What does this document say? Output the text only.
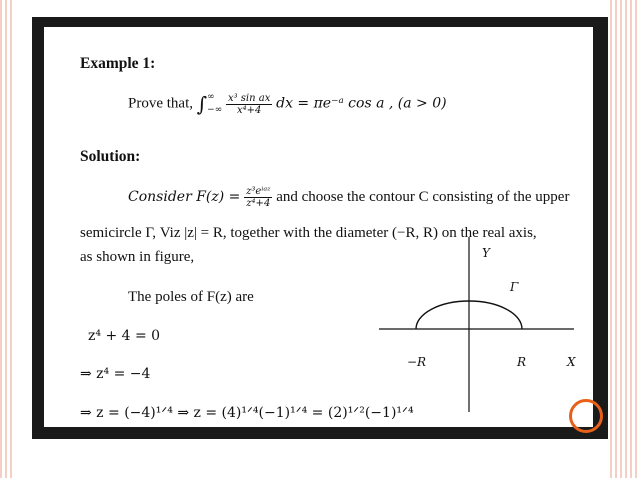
Example 1:
Prove that, ∫ ∞
−∞
$\frac{\text{x³ sin ax}}{\text{x⁴+4}}$ dx = πe⁻ᵃ cos a , (a > 0)
Solution:
Consider $F(z) = \frac{\text{z³eⁱᵃᶻ}}{\text{z⁴+4}}$ and choose the contour C consisting of the upper
semicircle Γ, Viz |z| = R, together with the diameter (−R, R) on the real axis,
as shown in figure,
The poles of F(z) are
z⁴ + 4 = 0
⇒ z⁴ = −4
⇒ z = (−4)¹ᐟ⁴ ⇒ z = (4)¹ᐟ⁴(−1)¹ᐟ⁴ = (2)¹ᐟ²(−1)¹ᐟ⁴
Y
Γ
−R	R	X
